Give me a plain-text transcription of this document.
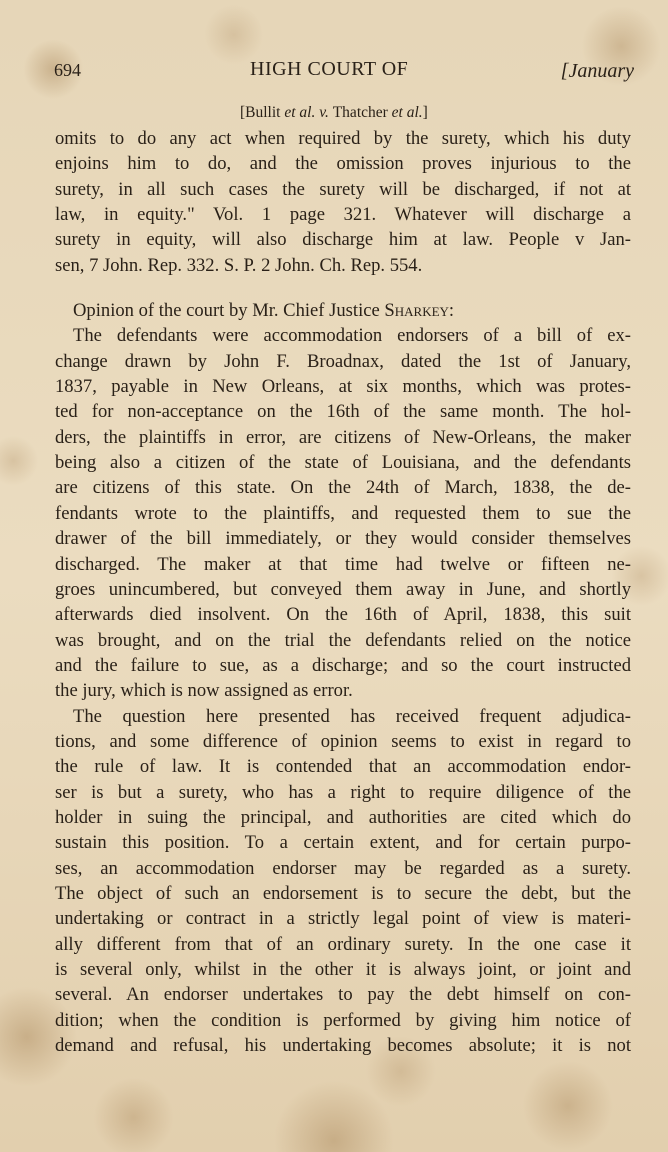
694	HIGH COURT OF	[January
[Bullit et al. v. Thatcher et al.]
omits to do any act when required by the surety, which his duty
enjoins him to do, and the omission proves injurious to the
surety, in all such cases the surety will be discharged, if not at
law, in equity." Vol. 1 page 321. Whatever will discharge a
surety in equity, will also discharge him at law. People v Jan-
sen, 7 John. Rep. 332. S. P. 2 John. Ch. Rep. 554.
Opinion of the court by Mr. Chief Justice Sharkey:
The defendants were accommodation endorsers of a bill of ex-
change drawn by John F. Broadnax, dated the 1st of January,
1837, payable in New Orleans, at six months, which was protes-
ted for non-acceptance on the 16th of the same month. The hol-
ders, the plaintiffs in error, are citizens of New-Orleans, the maker
being also a citizen of the state of Louisiana, and the defendants
are citizens of this state. On the 24th of March, 1838, the de-
fendants wrote to the plaintiffs, and requested them to sue the
drawer of the bill immediately, or they would consider themselves
discharged. The maker at that time had twelve or fifteen ne-
groes unincumbered, but conveyed them away in June, and shortly
afterwards died insolvent. On the 16th of April, 1838, this suit
was brought, and on the trial the defendants relied on the notice
and the failure to sue, as a discharge; and so the court instructed
the jury, which is now assigned as error.
The question here presented has received frequent adjudica-
tions, and some difference of opinion seems to exist in regard to
the rule of law. It is contended that an accommodation endor-
ser is but a surety, who has a right to require diligence of the
holder in suing the principal, and authorities are cited which do
sustain this position. To a certain extent, and for certain purpo-
ses, an accommodation endorser may be regarded as a surety.
The object of such an endorsement is to secure the debt, but the
undertaking or contract in a strictly legal point of view is materi-
ally different from that of an ordinary surety. In the one case it
is several only, whilst in the other it is always joint, or joint and
several. An endorser undertakes to pay the debt himself on con-
dition; when the condition is performed by giving him notice of
demand and refusal, his undertaking becomes absolute; it is not
